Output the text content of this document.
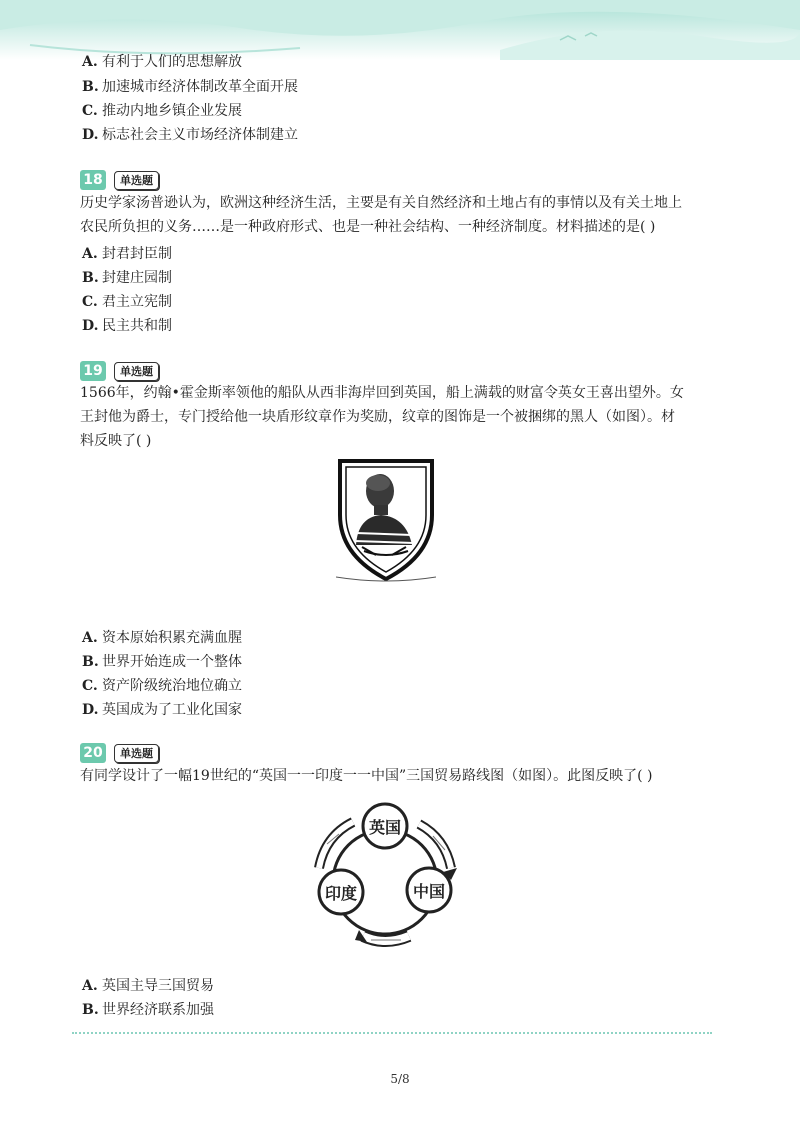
A. 有利于人们的思想解放
B. 加速城市经济体制改革全面开展
C. 推动内地乡镇企业发展
D. 标志社会主义市场经济体制建立
18	单选题
历史学家汤普逊认为，欧洲这种经济生活，主要是有关自然经济和土地占有的事情以及有关土地上
农民所负担的义务……是一种政府形式、也是一种社会结构、一种经济制度。材料描述的是( )
A. 封君封臣制
B. 封建庄园制
C. 君主立宪制
D. 民主共和制
19	单选题
1566年，约翰•霍金斯率领他的船队从西非海岸回到英国，船上满载的财富令英女王喜出望外。女
王封他为爵士，专门授给他一块盾形纹章作为奖励，纹章的图饰是一个被捆绑的黑人（如图）。材
料反映了( )
A. 资本原始积累充满血腥
B. 世界开始连成一个整体
C. 资产阶级统治地位确立
D. 英国成为了工业化国家
20	单选题
有同学设计了一幅19世纪的“英国一一印度一一中国”三国贸易路线图（如图）。此图反映了( )
英国
印度	中国
A. 英国主导三国贸易
B. 世界经济联系加强
5/8
